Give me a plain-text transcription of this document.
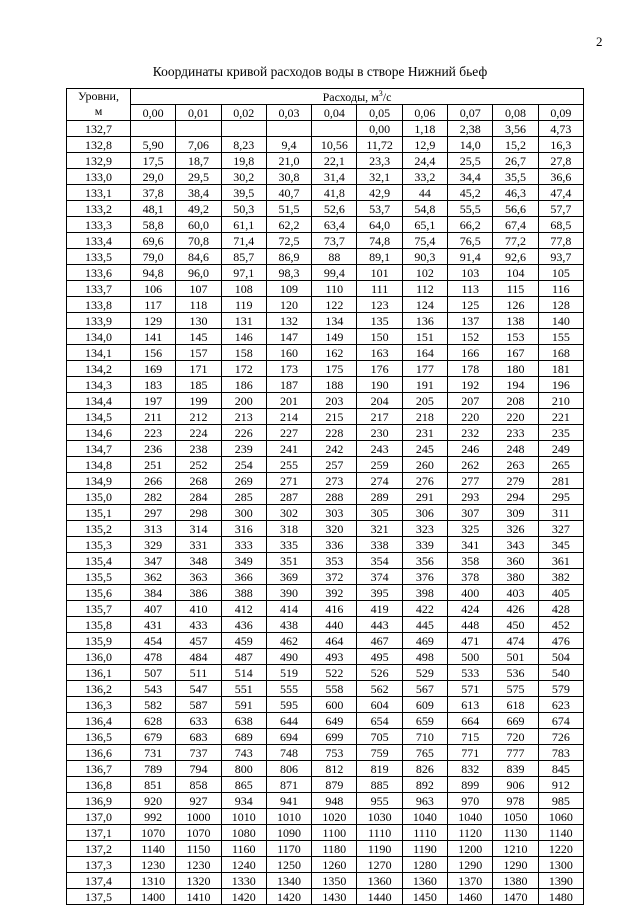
2
Координаты кривой расходов воды в створе Нижний бьеф
Уровни,
м	Расходы, $м^3/с$									
	0,00	0,01	0,02	0,03	0,04	0,05	0,06	0,07	0,08	0,09
132,7						0,00	1,18	2,38	3,56	4,73
132,8	5,90	7,06	8,23	9,4	10,56	11,72	12,9	14,0	15,2	16,3
132,9	17,5	18,7	19,8	21,0	22,1	23,3	24,4	25,5	26,7	27,8
133,0	29,0	29,5	30,2	30,8	31,4	32,1	33,2	34,4	35,5	36,6
133,1	37,8	38,4	39,5	40,7	41,8	42,9	44	45,2	46,3	47,4
133,2	48,1	49,2	50,3	51,5	52,6	53,7	54,8	55,5	56,6	57,7
133,3	58,8	60,0	61,1	62,2	63,4	64,0	65,1	66,2	67,4	68,5
133,4	69,6	70,8	71,4	72,5	73,7	74,8	75,4	76,5	77,2	77,8
133,5	79,0	84,6	85,7	86,9	88	89,1	90,3	91,4	92,6	93,7
133,6	94,8	96,0	97,1	98,3	99,4	101	102	103	104	105
133,7	106	107	108	109	110	111	112	113	115	116
133,8	117	118	119	120	122	123	124	125	126	128
133,9	129	130	131	132	134	135	136	137	138	140
134,0	141	145	146	147	149	150	151	152	153	155
134,1	156	157	158	160	162	163	164	166	167	168
134,2	169	171	172	173	175	176	177	178	180	181
134,3	183	185	186	187	188	190	191	192	194	196
134,4	197	199	200	201	203	204	205	207	208	210
134,5	211	212	213	214	215	217	218	220	220	221
134,6	223	224	226	227	228	230	231	232	233	235
134,7	236	238	239	241	242	243	245	246	248	249
134,8	251	252	254	255	257	259	260	262	263	265
134,9	266	268	269	271	273	274	276	277	279	281
135,0	282	284	285	287	288	289	291	293	294	295
135,1	297	298	300	302	303	305	306	307	309	311
135,2	313	314	316	318	320	321	323	325	326	327
135,3	329	331	333	335	336	338	339	341	343	345
135,4	347	348	349	351	353	354	356	358	360	361
135,5	362	363	366	369	372	374	376	378	380	382
135,6	384	386	388	390	392	395	398	400	403	405
135,7	407	410	412	414	416	419	422	424	426	428
135,8	431	433	436	438	440	443	445	448	450	452
135,9	454	457	459	462	464	467	469	471	474	476
136,0	478	484	487	490	493	495	498	500	501	504
136,1	507	511	514	519	522	526	529	533	536	540
136,2	543	547	551	555	558	562	567	571	575	579
136,3	582	587	591	595	600	604	609	613	618	623
136,4	628	633	638	644	649	654	659	664	669	674
136,5	679	683	689	694	699	705	710	715	720	726
136,6	731	737	743	748	753	759	765	771	777	783
136,7	789	794	800	806	812	819	826	832	839	845
136,8	851	858	865	871	879	885	892	899	906	912
136,9	920	927	934	941	948	955	963	970	978	985
137,0	992	1000	1010	1010	1020	1030	1040	1040	1050	1060
137,1	1070	1070	1080	1090	1100	1110	1110	1120	1130	1140
137,2	1140	1150	1160	1170	1180	1190	1190	1200	1210	1220
137,3	1230	1230	1240	1250	1260	1270	1280	1290	1290	1300
137,4	1310	1320	1330	1340	1350	1360	1360	1370	1380	1390
137,5	1400	1410	1420	1420	1430	1440	1450	1460	1470	1480
